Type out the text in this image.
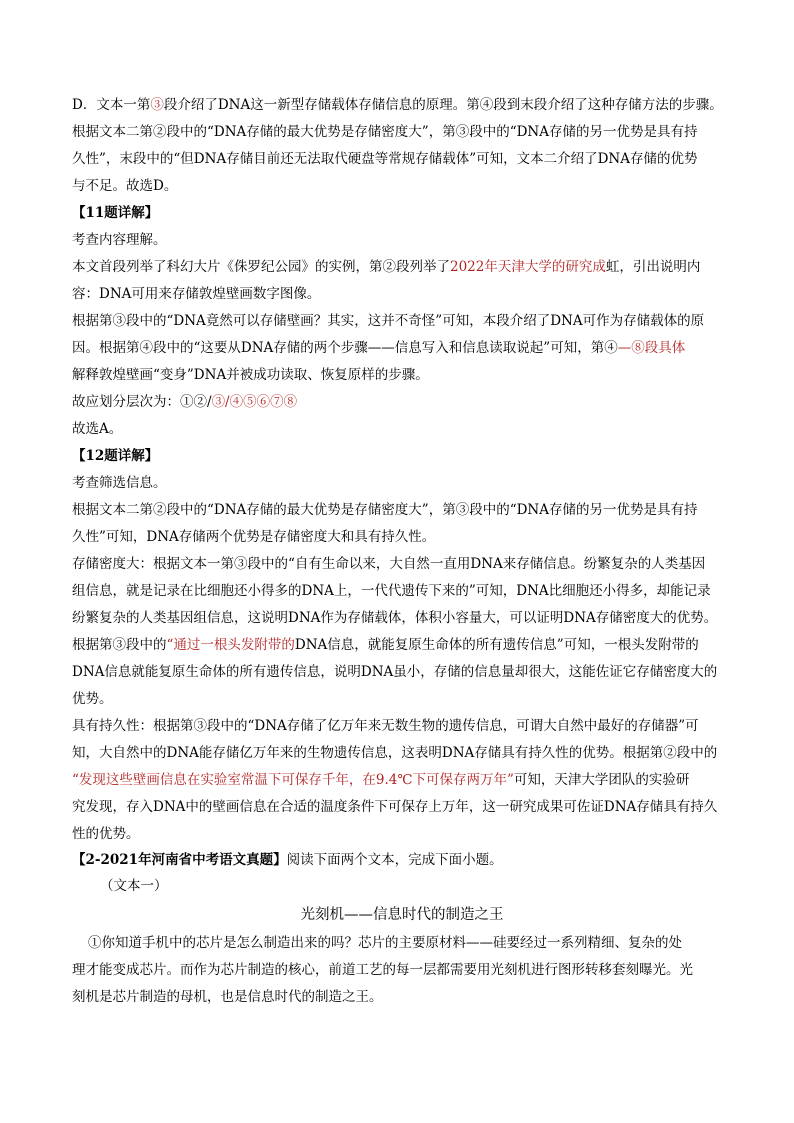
D．文本一第③段介绍了DNA这一新型存储载体存储信息的原理。第④段到末段介绍了这种存储方法的步骤。
根据文本二第②段中的“DNA存储的最大优势是存储密度大”，第③段中的“DNA存储的另一优势是具有持
久性”，末段中的“但DNA存储目前还无法取代硬盘等常规存储载体”可知，文本二介绍了DNA存储的优势
与不足。故选D。
【11题详解】
考查内容理解。
本文首段列举了科幻大片《侏罗纪公园》的实例，第②段列举了2022年天津大学的研究成虹，引出说明内
容：DNA可用来存储敦煌壁画数字图像。
根据第③段中的“DNA竟然可以存储壁画？其实，这并不奇怪”可知，本段介绍了DNA可作为存储载体的原
因。根据第④段中的“这要从DNA存储的两个步骤——信息写入和信息读取说起”可知，第④—⑧段具体
解释敦煌壁画“变身”DNA并被成功读取、恢复原样的步骤。
故应划分层次为：①②/③/④⑤⑥⑦⑧
故选A。
【12题详解】
考查筛选信息。
根据文本二第②段中的“DNA存储的最大优势是存储密度大”，第③段中的“DNA存储的另一优势是具有持
久性”可知，DNA存储两个优势是存储密度大和具有持久性。
存储密度大：根据文本一第③段中的“自有生命以来，大自然一直用DNA来存储信息。纷繁复杂的人类基因
组信息，就是记录在比细胞还小得多的DNA上，一代代遗传下来的”可知，DNA比细胞还小得多，却能记录
纷繁复杂的人类基因组信息，这说明DNA作为存储载体，体积小容量大，可以证明DNA存储密度大的优势。
根据第③段中的“通过一根头发附带的DNA信息，就能复原生命体的所有遗传信息”可知，一根头发附带的
DNA信息就能复原生命体的所有遗传信息，说明DNA虽小，存储的信息量却很大，这能佐证它存储密度大的
优势。
具有持久性：根据第③段中的“DNA存储了亿万年来无数生物的遗传信息，可谓大自然中最好的存储器”可
知，大自然中的DNA能存储亿万年来的生物遗传信息，这表明DNA存储具有持久性的优势。根据第②段中的
“发现这些壁画信息在实验室常温下可保存千年，在9.4℃下可保存两万年”可知，天津大学团队的实验研
究发现，存入DNA中的壁画信息在合适的温度条件下可保存上万年，这一研究成果可佐证DNA存储具有持久
性的优势。
【2-2021年河南省中考语文真题】阅读下面两个文本，完成下面小题。
（文本一）
光刻机——信息时代的制造之王
①你知道手机中的芯片是怎么制造出来的吗？芯片的主要原材料——硅要经过一系列精细、复杂的处
理才能变成芯片。而作为芯片制造的核心，前道工艺的每一层都需要用光刻机进行图形转移套刻曝光。光
刻机是芯片制造的母机，也是信息时代的制造之王。
